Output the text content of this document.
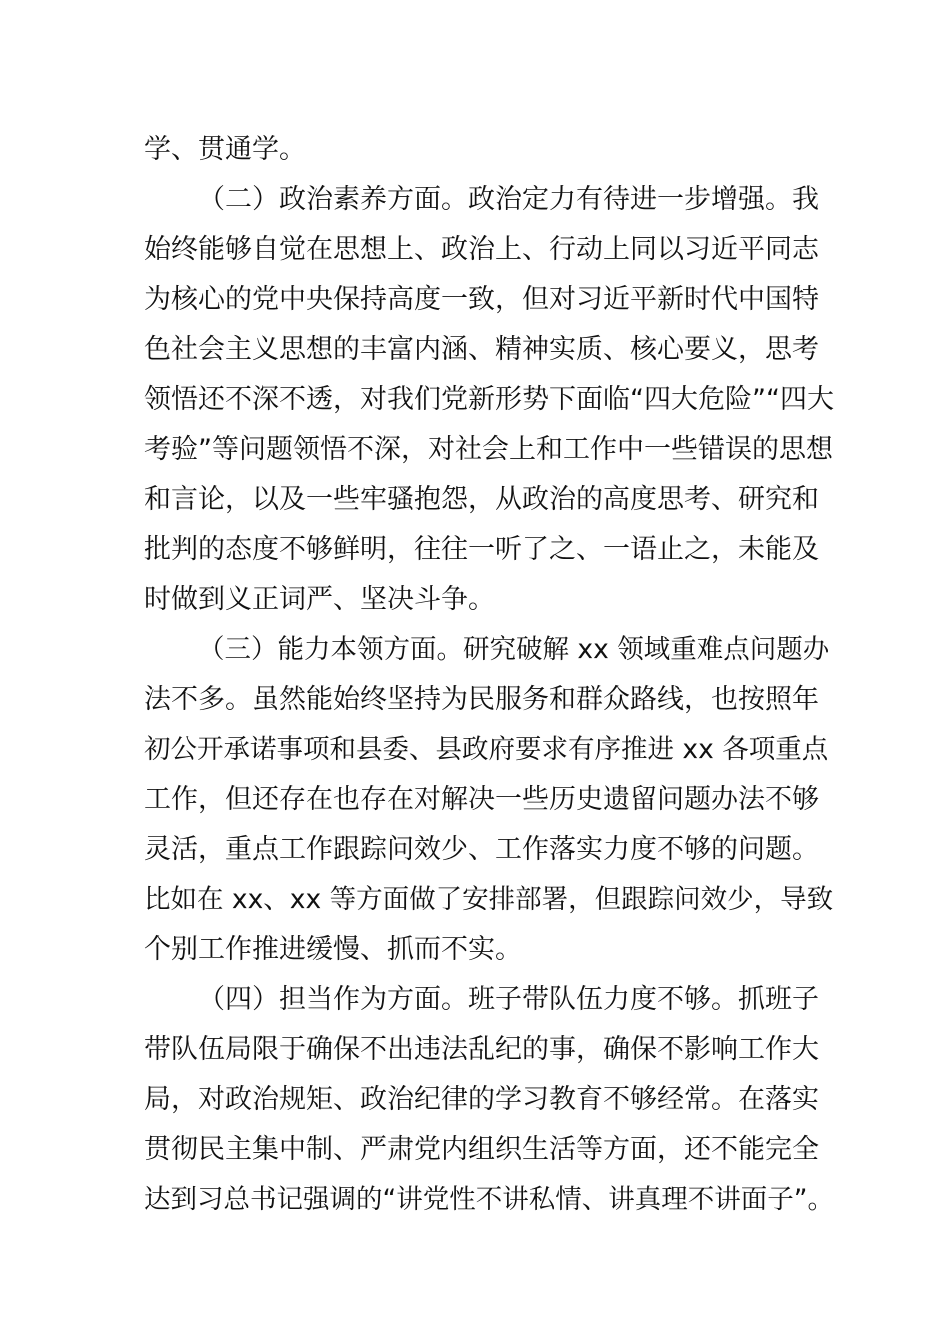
学、贯通学。
（二）政治素养方面。政治定力有待进一步增强。我
始终能够自觉在思想上、政治上、行动上同以习近平同志
为核心的党中央保持高度一致，但对习近平新时代中国特
色社会主义思想的丰富内涵、精神实质、核心要义，思考
领悟还不深不透，对我们党新形势下面临“四大危险”“四大
考验”等问题领悟不深，对社会上和工作中一些错误的思想
和言论，以及一些牢骚抱怨，从政治的高度思考、研究和
批判的态度不够鲜明，往往一听了之、一语止之，未能及
时做到义正词严、坚决斗争。
（三）能力本领方面。研究破解 xx 领域重难点问题办
法不多。虽然能始终坚持为民服务和群众路线，也按照年
初公开承诺事项和县委、县政府要求有序推进 xx 各项重点
工作，但还存在也存在对解决一些历史遗留问题办法不够
灵活，重点工作跟踪问效少、工作落实力度不够的问题。
比如在 xx、xx 等方面做了安排部署，但跟踪问效少，导致
个别工作推进缓慢、抓而不实。
（四）担当作为方面。班子带队伍力度不够。抓班子
带队伍局限于确保不出违法乱纪的事，确保不影响工作大
局，对政治规矩、政治纪律的学习教育不够经常。在落实
贯彻民主集中制、严肃党内组织生活等方面，还不能完全
达到习总书记强调的“讲党性不讲私情、讲真理不讲面子”。
